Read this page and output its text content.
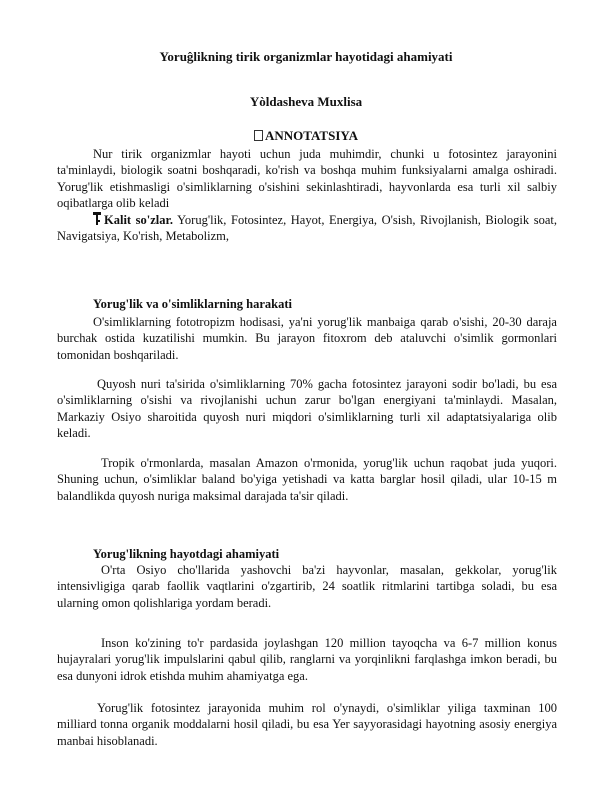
Yoruĝlikning tirik organizmlar hayotidagi ahamiyati
Yòldasheva Muxlisa
ANNOTATSIYA

Nur tirik organizmlar hayoti uchun juda muhimdir, chunki u fotosintez jarayonini ta'minlaydi, biologik soatni boshqaradi, ko'rish va boshqa muhim funksiyalarni amalga oshiradi. Yorug'lik etishmasligi o'simliklarning o'sishini sekinlashtiradi, hayvonlarda esa turli xil salbiy oqibatlarga olib keladi

Kalit so'zlar. Yorug'lik, Fotosintez, Hayot, Energiya, O'sish, Rivojlanish, Biologik soat, Navigatsiya, Ko'rish, Metabolizm,

Yorug'lik va o'simliklarning harakati

O'simliklarning fototropizm hodisasi, ya'ni yorug'lik manbaiga qarab o'sishi, 20-30 daraja burchak ostida kuzatilishi mumkin. Bu jarayon fitoxrom deb ataluvchi o'simlik gormonlari tomonidan boshqariladi.

Quyosh nuri ta'sirida o'simliklarning 70% gacha fotosintez jarayoni sodir bo'ladi, bu esa o'simliklarning o'sishi va rivojlanishi uchun zarur bo'lgan energiyani ta'minlaydi. Masalan, Markaziy Osiyo sharoitida quyosh nuri miqdori o'simliklarning turli xil adaptatsiyalariga olib keladi.

Tropik o'rmonlarda, masalan Amazon o'rmonida, yorug'lik uchun raqobat juda yuqori. Shuning uchun, o'simliklar baland bo'yiga yetishadi va katta barglar hosil qiladi, ular 10-15 m balandlikda quyosh nuriga maksimal darajada ta'sir qiladi.

Yorug'likning hayotdagi ahamiyati

O'rta Osiyo cho'llarida yashovchi ba'zi hayvonlar, masalan, gekkolar, yorug'lik intensivligiga qarab faollik vaqtlarini o'zgartirib, 24 soatlik ritmlarini tartibga soladi, bu esa ularning omon qolishlariga yordam beradi.

Inson ko'zining to'r pardasida joylashgan 120 million tayoqcha va 6-7 million konus hujayralari yorug'lik impulslarini qabul qilib, ranglarni va yorqinlikni farqlashga imkon beradi, bu esa dunyoni idrok etishda muhim ahamiyatga ega.

Yorug'lik fotosintez jarayonida muhim rol o'ynaydi, o'simliklar yiliga taxminan 100 milliard tonna organik moddalarni hosil qiladi, bu esa Yer sayyorasidagi hayotning asosiy energiya manbai hisoblanadi.
